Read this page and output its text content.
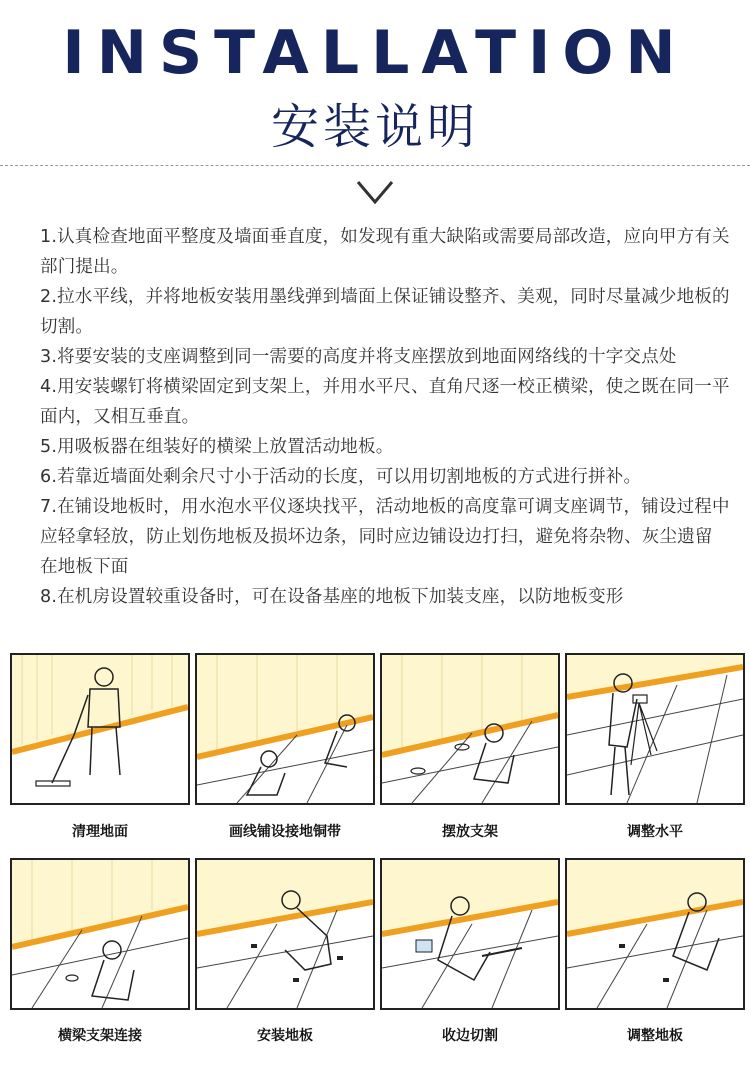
INSTALLATION
安装说明

1.认真检查地面平整度及墙面垂直度，如发现有重大缺陷或需要局部改造，应向甲方有关部门提出。

2.拉水平线，并将地板安装用墨线弹到墙面上保证铺设整齐、美观，同时尽量减少地板的切割。

3.将要安装的支座调整到同一需要的高度并将支座摆放到地面网络线的十字交点处

4.用安装螺钉将横梁固定到支架上，并用水平尺、直角尺逐一校正横梁，使之既在同一平面内，又相互垂直。

5.用吸板器在组装好的横梁上放置活动地板。

6.若靠近墙面处剩余尺寸小于活动的长度，可以用切割地板的方式进行拼补。

7.在铺设地板时，用水泡水平仪逐块找平，活动地板的高度靠可调支座调节，铺设过程中应轻拿轻放，防止划伤地板及损坏边条，同时应边铺设边打扫，避免将杂物、灰尘遗留在地板下面

8.在机房设置较重设备时，可在设备基座的地板下加装支座，以防地板变形

清理地面	画线铺设接地铜带	摆放支架	调整水平
横梁支架连接	安装地板	收边切割	调整地板
